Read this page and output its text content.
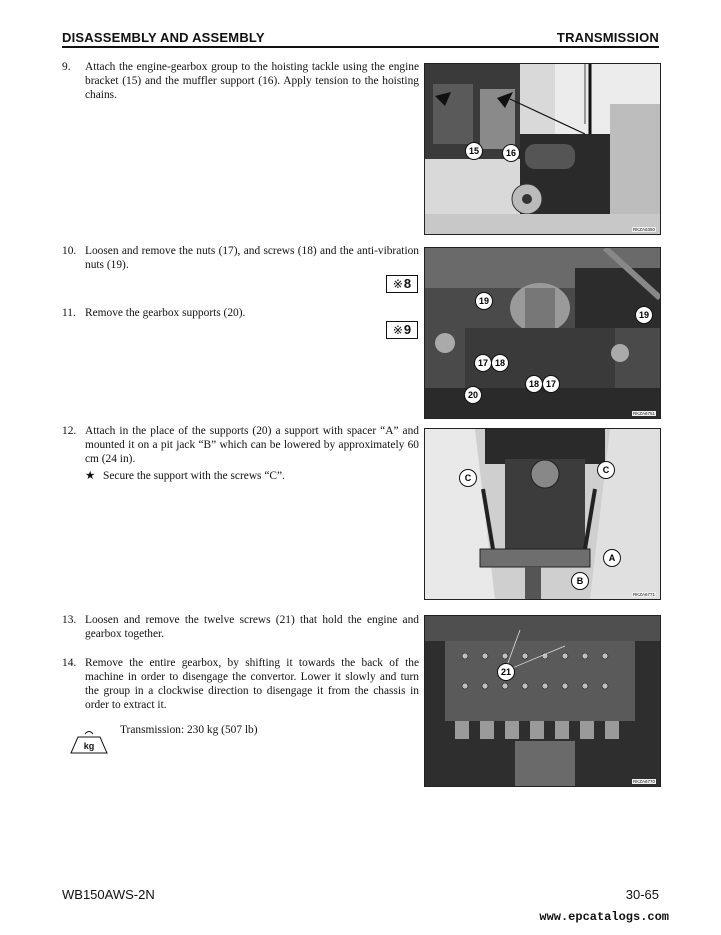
DISASSEMBLY AND ASSEMBLY	TRANSMISSION
9. Attach the engine-gearbox group to the hoisting tackle using the engine bracket (15) and the muffler support (16). Apply tension to the hoisting chains.
10. Loosen and remove the nuts (17), and screws (18) and the anti-vibration nuts (19).
※ 8
11. Remove the gearbox supports (20).
※ 9
12. Attach in the place of the supports (20) a support with spacer “A” and mounted it on a pit jack “B” which can be lowered by approximately 60 cm (24 in).
★ Secure the support with the screws “C”.
13. Loosen and remove the twelve screws (21) that hold the engine and gearbox together.
14. Remove the entire gearbox, by shifting it towards the back of the machine in order to disengage the convertor. Lower it slowly and turn the group in a clockwise direction to disengage it from the chassis in order to extract it.
kg
Transmission: 230 kg (507 lb)
15	16
RKZA6350
19
19
17 18
18 17
20
RKZA6751
C
C
A
B
RKZA6771
21
RKZA6770
WB150AWS-2N	30-65
www.epcatalogs.com
